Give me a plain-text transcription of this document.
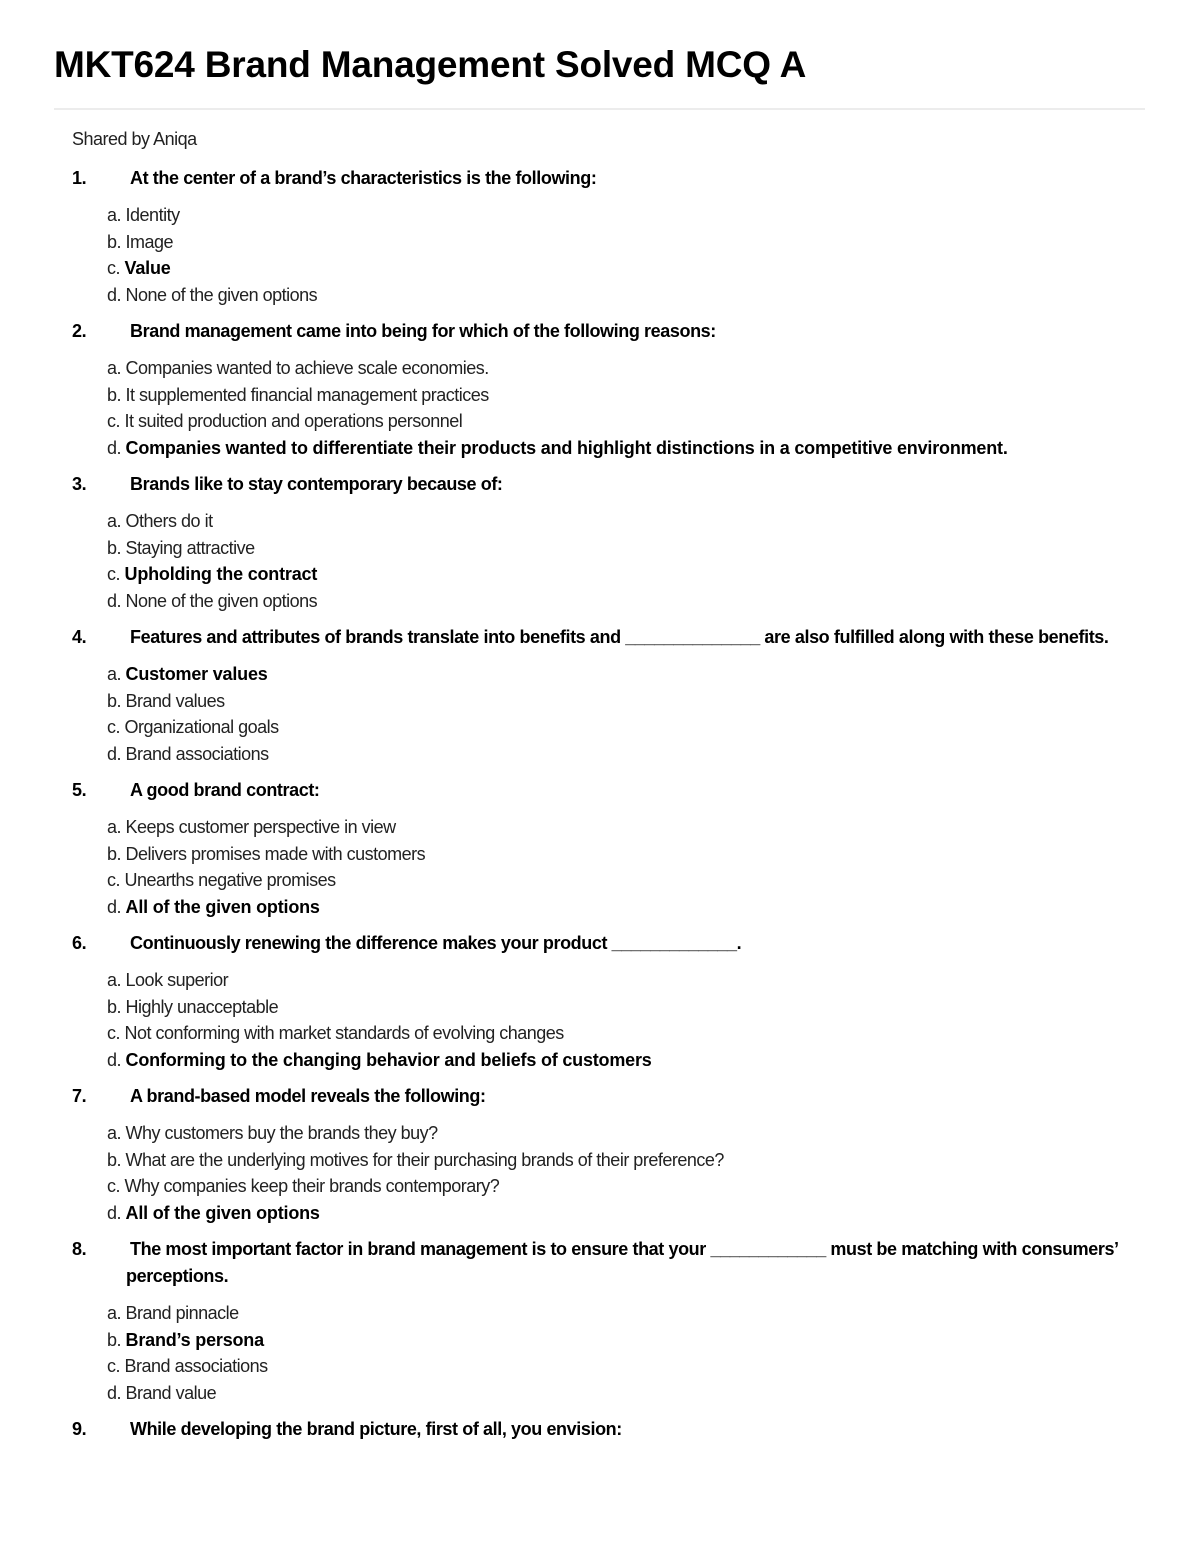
MKT624 Brand Management Solved MCQ A
Shared by Aniqa
1. At the center of a brand’s characteristics is the following:
a. Identity
b. Image
c. Value
d. None of the given options
2. Brand management came into being for which of the following reasons:
a. Companies wanted to achieve scale economies.
b. It supplemented financial management practices
c. It suited production and operations personnel
d. Companies wanted to differentiate their products and highlight distinctions in a competitive environment.
3. Brands like to stay contemporary because of:
a. Others do it
b. Staying attractive
c. Upholding the contract
d. None of the given options
4. Features and attributes of brands translate into benefits and ______________ are also fulfilled along with these benefits.
a. Customer values
b. Brand values
c. Organizational goals
d. Brand associations
5. A good brand contract:
a. Keeps customer perspective in view
b. Delivers promises made with customers
c. Unearths negative promises
d. All of the given options
6. Continuously renewing the difference makes your product _____________.
a. Look superior
b. Highly unacceptable
c. Not conforming with market standards of evolving changes
d. Conforming to the changing behavior and beliefs of customers
7. A brand-based model reveals the following:
a. Why customers buy the brands they buy?
b. What are the underlying motives for their purchasing brands of their preference?
c. Why companies keep their brands contemporary?
d. All of the given options
8. The most important factor in brand management is to ensure that your ____________ must be matching with consumers’ perceptions.
a. Brand pinnacle
b. Brand’s persona
c. Brand associations
d. Brand value
9. While developing the brand picture, first of all, you envision:
